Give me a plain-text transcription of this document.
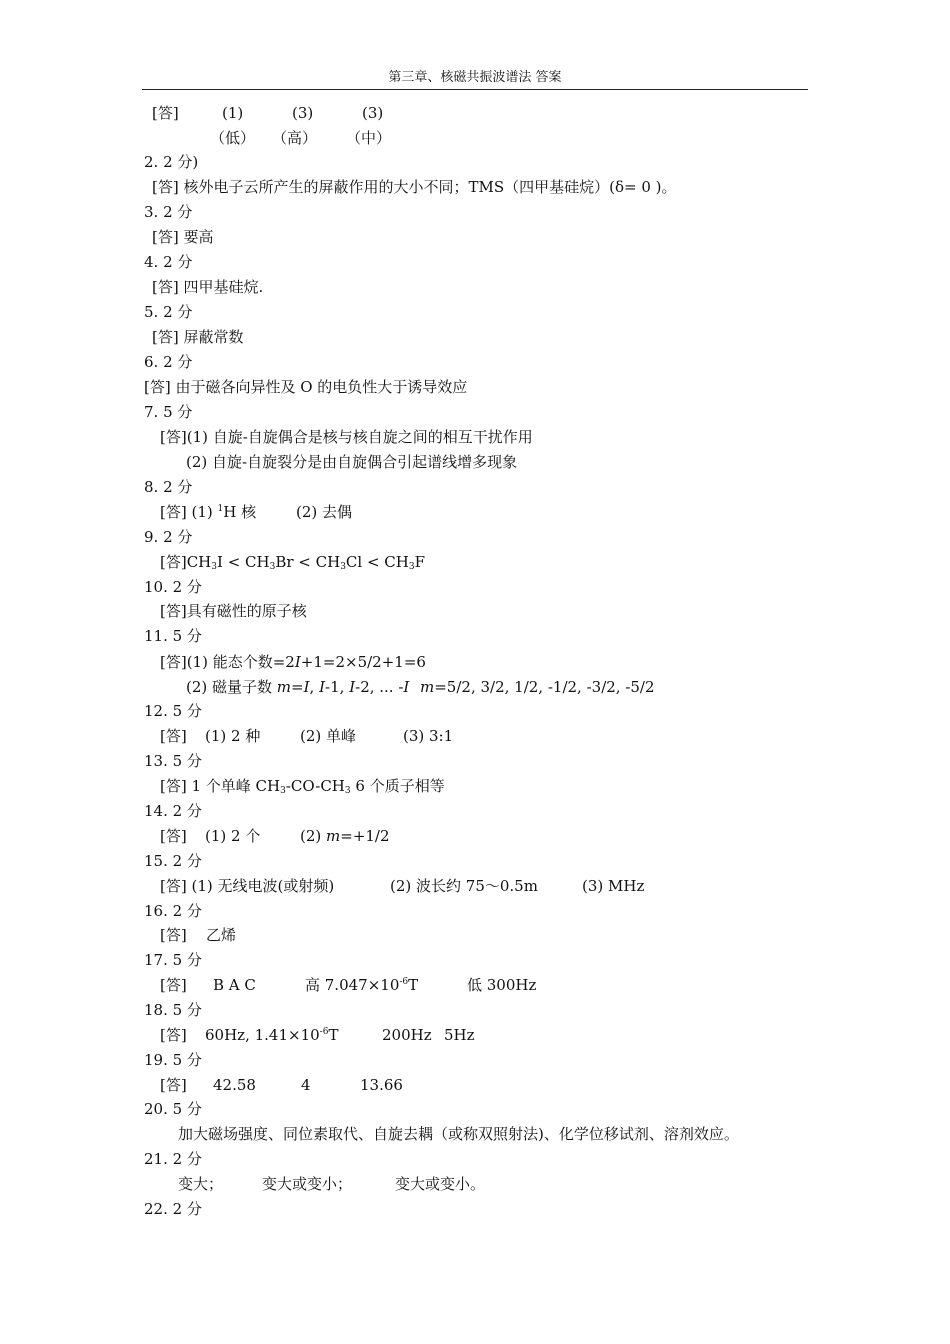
第三章、核磁共振波谱法 答案
[答]	(1)	(3)	(3)
（低） （高） （中）
2. 2 分)
[答] 核外电子云所产生的屏蔽作用的大小不同；TMS（四甲基硅烷）(δ= 0 )。
3. 2 分
[答] 要高
4. 2 分
[答] 四甲基硅烷.
5. 2 分
[答] 屏蔽常数
6. 2 分
[答] 由于磁各向异性及 O 的电负性大于诱导效应
7. 5 分
[答](1) 自旋-自旋偶合是核与核自旋之间的相互干扰作用
(2) 自旋-自旋裂分是由自旋偶合引起谱线增多现象
8. 2 分
[答] (1) $^1$H 核	(2) 去偶
9. 2 分
[答]$CH_3I < CH_3Br < CH_3Cl < CH_3F$
10. 2 分
[答]具有磁性的原子核
11. 5 分
[答](1) 能态个数=2I+1=2×5/2+1=6
(2) 磁量子数 m=I, I-1, I-2, ... -I m=5/2, 3/2, 1/2, -1/2, -3/2, -5/2
12. 5 分
[答] (1) 2 种	(2) 单峰	(3) 3:1
13. 5 分
[答] 1 个单峰 $CH_3-CO-CH_3$ 6 个质子相等
14. 2 分
[答] (1) 2 个	(2) m=+1/2
15. 2 分
[答] (1) 无线电波(或射频)	(2) 波长约 75～0.5m	(3) MHz
16. 2 分
[答] 乙烯
17. 5 分
[答] B A C	高 $7.047\times 10^{-6}T$	低 300Hz
18. 5 分
[答] 60Hz, $1.41\times 10^{-6}T$	200Hz 5Hz
19. 5 分
[答] 42.58	4	13.66
20. 5 分
加大磁场强度、同位素取代、自旋去耦（或称双照射法)、化学位移试剂、溶剂效应。
21. 2 分
变大；	变大或变小；	变大或变小。
22. 2 分
